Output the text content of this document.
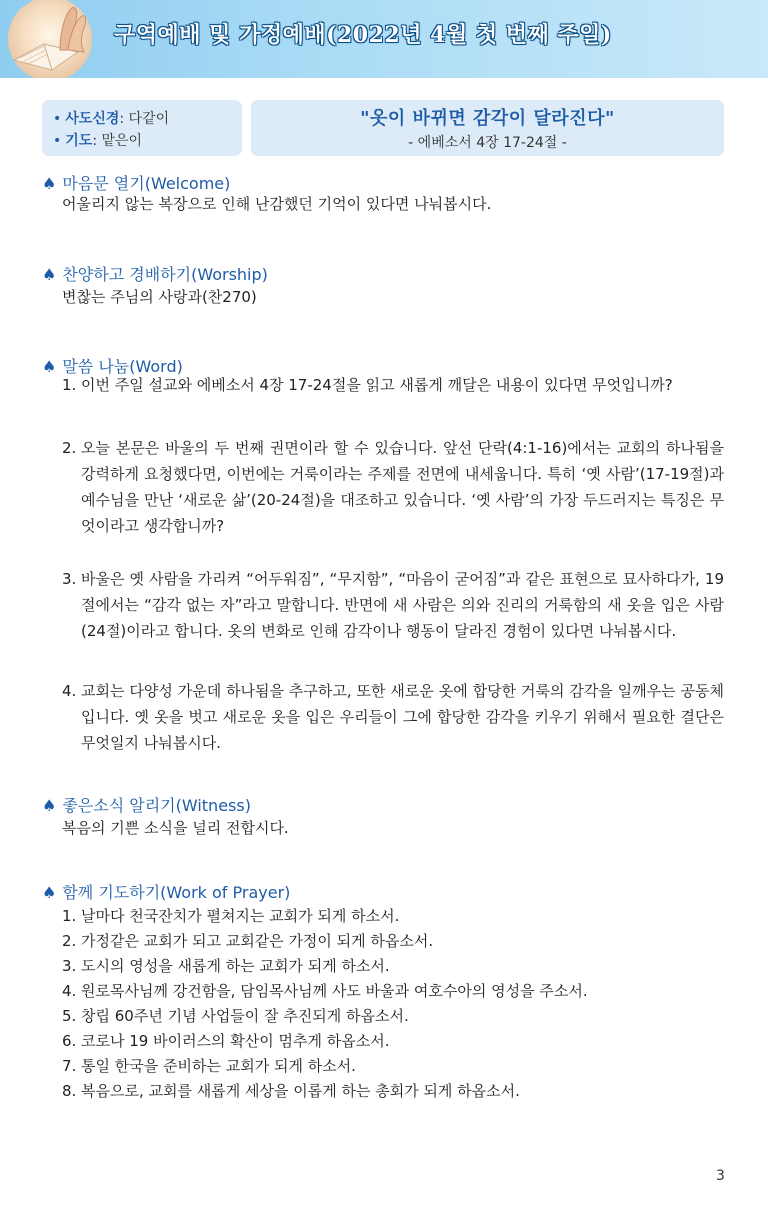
구역예배 및 가정예배(2022년 4월 첫 번째 주일)
• 사도신경: 다같이
• 기도: 맡은이
"옷이 바뀌면 감각이 달라진다"
- 에베소서 4장 17-24절 -
♠ 마음문 열기(Welcome)
어울리지 않는 복장으로 인해 난감했던 기억이 있다면 나눠봅시다.
♠ 찬양하고 경배하기(Worship)
변찮는 주님의 사랑과(찬270)
♠ 말씀 나눔(Word)
1. 이번 주일 설교와 에베소서 4장 17-24절을 읽고 새롭게 깨달은 내용이 있다면 무엇입니까?
2. 오늘 본문은 바울의 두 번째 권면이라 할 수 있습니다. 앞선 단락(4:1-16)에서는 교회의 하나됨을 강력하게 요청했다면, 이번에는 거룩이라는 주제를 전면에 내세웁니다. 특히 ‘옛 사람’(17-19절)과 예수님을 만난 ‘새로운 삶’(20-24절)을 대조하고 있습니다. ‘옛 사람’의 가장 두드러지는 특징은 무엇이라고 생각합니까?
3. 바울은 옛 사람을 가리켜 “어두워짐”, “무지함”, “마음이 굳어짐”과 같은 표현으로 묘사하다가, 19절에서는 “감각 없는 자”라고 말합니다. 반면에 새 사람은 의와 진리의 거룩함의 새 옷을 입은 사람(24절)이라고 합니다. 옷의 변화로 인해 감각이나 행동이 달라진 경험이 있다면 나눠봅시다.
4. 교회는 다양성 가운데 하나됨을 추구하고, 또한 새로운 옷에 합당한 거룩의 감각을 일깨우는 공동체입니다. 옛 옷을 벗고 새로운 옷을 입은 우리들이 그에 합당한 감각을 키우기 위해서 필요한 결단은 무엇일지 나눠봅시다.
♠ 좋은소식 알리기(Witness)
복음의 기쁜 소식을 널리 전합시다.
♠ 함께 기도하기(Work of Prayer)
1. 날마다 천국잔치가 펼쳐지는 교회가 되게 하소서.
2. 가정같은 교회가 되고 교회같은 가정이 되게 하옵소서.
3. 도시의 영성을 새롭게 하는 교회가 되게 하소서.
4. 원로목사님께 강건함을, 담임목사님께 사도 바울과 여호수아의 영성을 주소서.
5. 창립 60주년 기념 사업들이 잘 추진되게 하옵소서.
6. 코로나 19 바이러스의 확산이 멈추게 하옵소서.
7. 통일 한국을 준비하는 교회가 되게 하소서.
8. 복음으로, 교회를 새롭게 세상을 이롭게 하는 총회가 되게 하옵소서.
3
